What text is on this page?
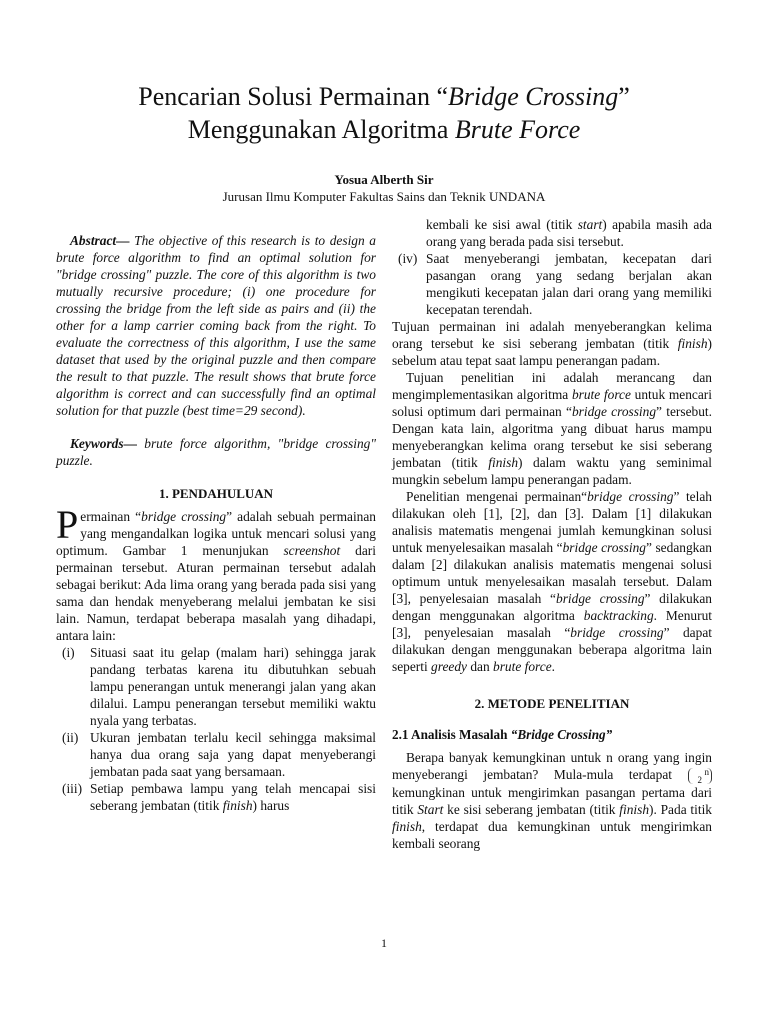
Pencarian Solusi Permainan “Bridge Crossing”
Menggunakan Algoritma Brute Force
Yosua Alberth Sir
Jurusan Ilmu Komputer Fakultas Sains dan Teknik UNDANA

Abstract— The objective of this research is to design a brute force algorithm to find an optimal solution for "bridge crossing" puzzle. The core of this algorithm is two mutually recursive procedure; (i) one procedure for crossing the bridge from the left side as pairs and (ii) the other for a lamp carrier coming back from the right. To evaluate the correctness of this algorithm, I use the same dataset that used by the original puzzle and then compare the result to that puzzle. The result shows that brute force algorithm is correct and can successfully find an optimal solution for that puzzle (best time=29 second).

Keywords— brute force algorithm, "bridge crossing" puzzle.

1. PENDAHULUAN

Permainan “bridge crossing” adalah sebuah permainan yang mengandalkan logika untuk mencari solusi yang optimum. Gambar 1 menunjukan screenshot dari permainan tersebut. Aturan permainan tersebut adalah sebagai berikut: Ada lima orang yang berada pada sisi yang sama dan hendak menyeberang melalui jembatan ke sisi lain. Namun, terdapat beberapa masalah yang dihadapi, antara lain:

(i) Situasi saat itu gelap (malam hari) sehingga jarak pandang terbatas karena itu dibutuhkan sebuah lampu penerangan untuk menerangi jalan yang akan dilalui. Lampu penerangan tersebut memiliki waktu nyala yang terbatas.
(ii) Ukuran jembatan terlalu kecil sehingga maksimal hanya dua orang saja yang dapat menyeberangi jembatan pada saat yang bersamaan.
(iii) Setiap pembawa lampu yang telah mencapai sisi seberang jembatan (titik finish) harus
kembali ke sisi awal (titik start) apabila masih ada orang yang berada pada sisi tersebut.
(iv) Saat menyeberangi jembatan, kecepatan dari pasangan orang yang sedang berjalan akan mengikuti kecepatan jalan dari orang yang memiliki kecepatan terendah.

Tujuan permainan ini adalah menyeberangkan kelima orang tersebut ke sisi seberang jembatan (titik finish) sebelum atau tepat saat lampu penerangan padam.

Tujuan penelitian ini adalah merancang dan mengimplementasikan algoritma brute force untuk mencari solusi optimum dari permainan “bridge crossing” tersebut. Dengan kata lain, algoritma yang dibuat harus mampu menyeberangkan kelima orang tersebut ke sisi seberang jembatan (titik finish) dalam waktu yang seminimal mungkin sebelum lampu penerangan padam.

Penelitian mengenai permainan“bridge crossing” telah dilakukan oleh [1], [2], dan [3]. Dalam [1] dilakukan analisis matematis mengenai jumlah kemungkinan solusi untuk menyelesaikan masalah “bridge crossing” sedangkan dalam [2] dilakukan analisis matematis mengenai solusi optimum untuk menyelesaikan masalah tersebut. Dalam [3], penyelesaian masalah “bridge crossing” dilakukan dengan menggunakan algoritma backtracking. Menurut [3], penyelesaian masalah “bridge crossing” dapat dilakukan dengan menggunakan beberapa algoritma lain seperti greedy dan brute force.

2. METODE PENELITIAN

2.1 Analisis Masalah “Bridge Crossing”

Berapa banyak kemungkinan untuk n orang yang ingin menyeberangi jembatan? Mula-mula terdapat n
2 kemungkinan untuk mengirimkan pasangan pertama dari titik Start ke sisi seberang jembatan (titik finish). Pada titik finish, terdapat dua kemungkinan untuk mengirimkan kembali seorang

1
